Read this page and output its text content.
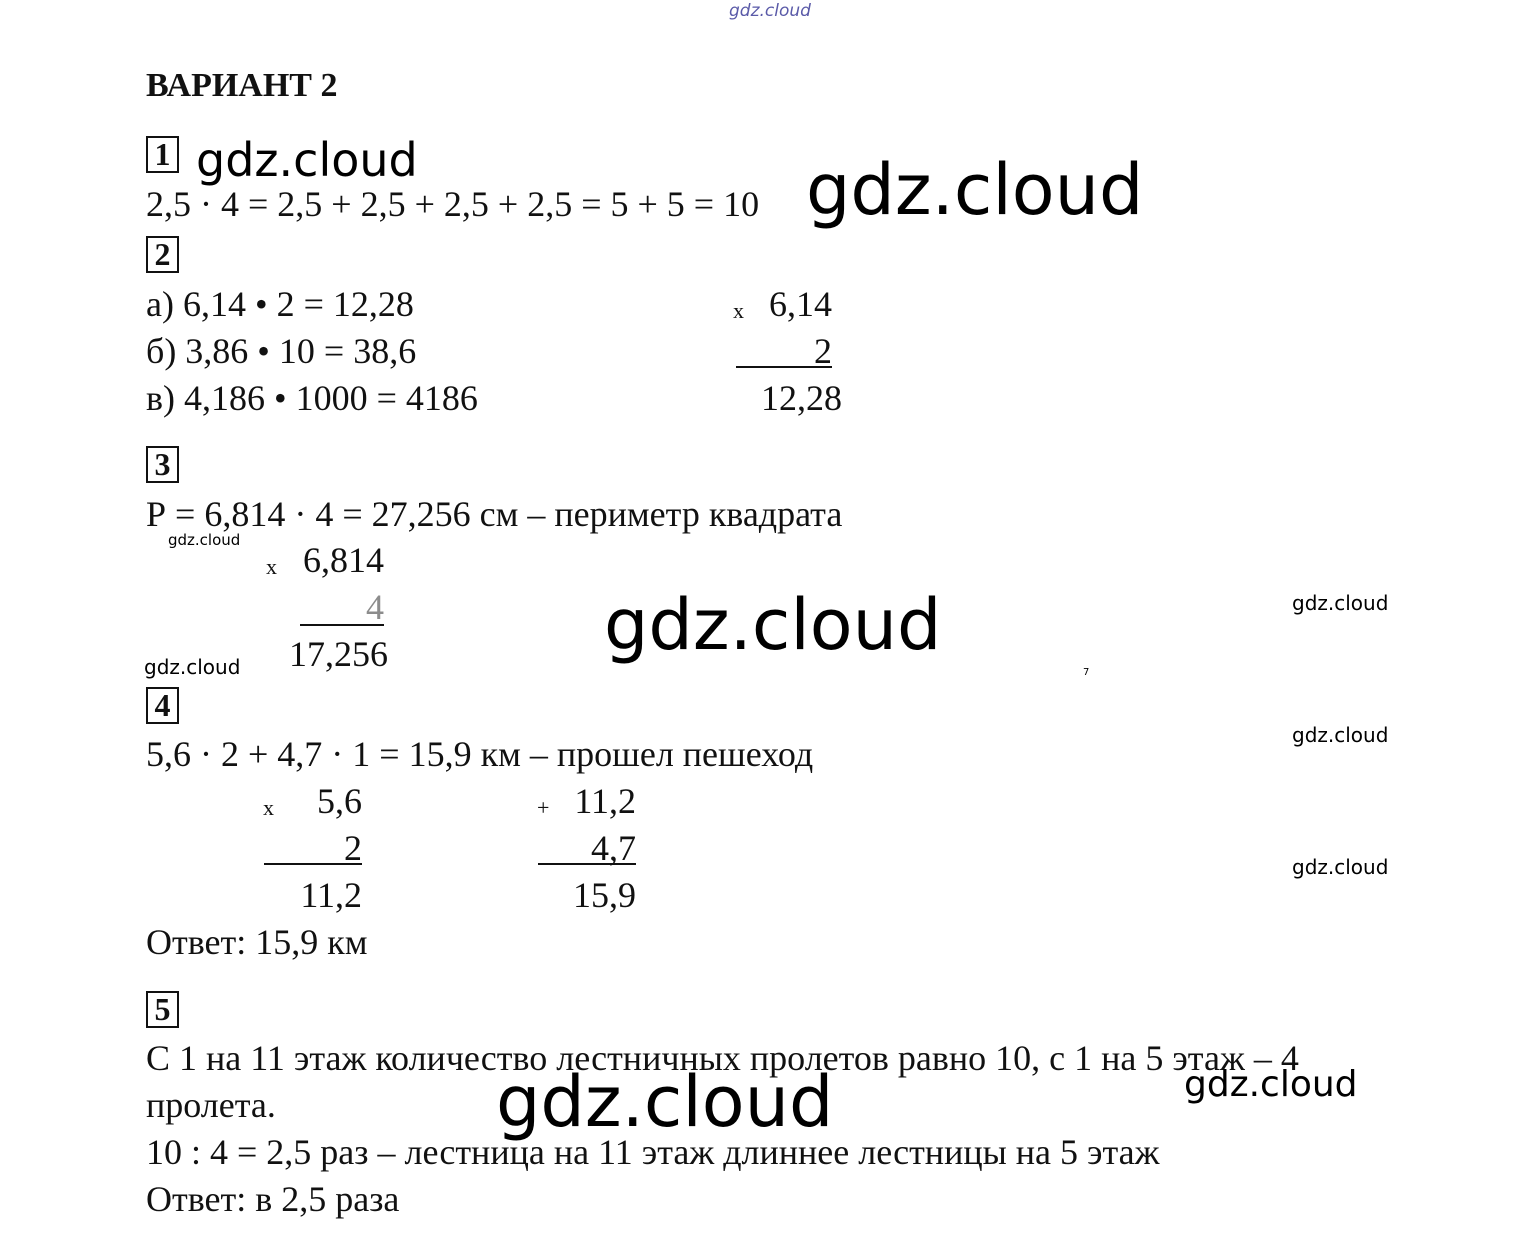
gdz.cloud
ВАРИАНТ 2
1 gdz.cloud
2,5 · 4 = 2,5 + 2,5 + 2,5 + 2,5 = 5 + 5 = 10 gdz.cloud
2
а) 6,14 • 2 = 12,28
б) 3,86 • 10 = 38,6
в) 4,186 • 1000 = 4186
x 6,14
2
12,28
3
Р = 6,814 · 4 = 27,256 см – периметр квадрата
gdz.cloud
x 6,814
4
17,256	gdz.cloud	gdz.cloud
gdz.cloud	7
4
gdz.cloud
5,6 · 2 + 4,7 · 1 = 15,9 км – прошел пешеход
x	5,6
2
11,2
+ 11,2
4,7
15,9
gdz.cloud
Ответ: 15,9 км
5
С 1 на 11 этаж количество лестничных пролетов равно 10, с 1 на 5 этаж – 4
пролета.	gdz.cloud
gdz.cloud
10 : 4 = 2,5 раз – лестница на 11 этаж длиннее лестницы на 5 этаж
Ответ: в 2,5 раза
